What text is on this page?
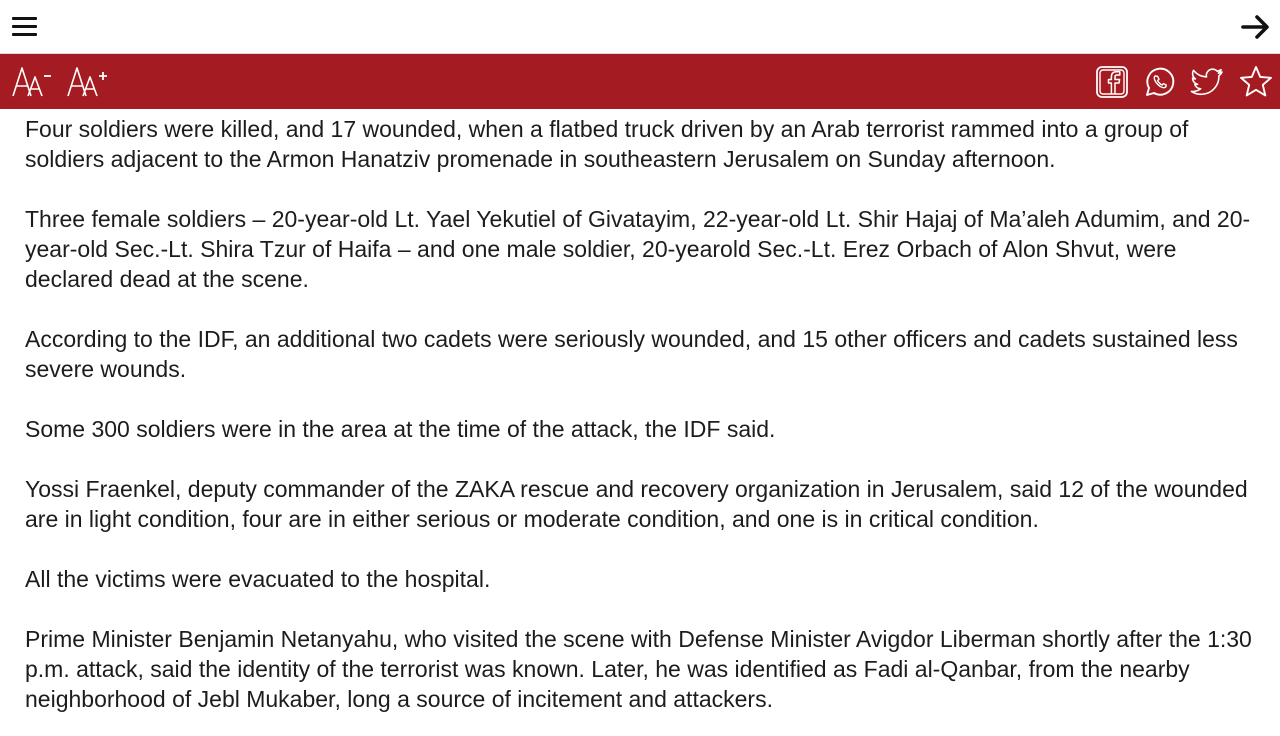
Four soldiers were killed, and 17 wounded, when a flatbed truck driven by an Arab terrorist rammed into a group of soldiers adjacent to the Armon Hanatziv promenade in southeastern Jerusalem on Sunday afternoon.

Three female soldiers – 20-year-old Lt. Yael Yekutiel of Givatayim, 22-year-old Lt. Shir Hajaj of Ma’aleh Adumim, and 20-year-old Sec.-Lt. Shira Tzur of Haifa – and one male soldier, 20-yearold Sec.-Lt. Erez Orbach of Alon Shvut, were declared dead at the scene.

According to the IDF, an additional two cadets were seriously wounded, and 15 other officers and cadets sustained less severe wounds.

Some 300 soldiers were in the area at the time of the attack, the IDF said.

Yossi Fraenkel, deputy commander of the ZAKA rescue and recovery organization in Jerusalem, said 12 of the wounded are in light condition, four are in either serious or moderate condition, and one is in critical condition.

All the victims were evacuated to the hospital.

Prime Minister Benjamin Netanyahu, who visited the scene with Defense Minister Avigdor Liberman shortly after the 1:30 p.m. attack, said the identity of the terrorist was known. Later, he was identified as Fadi al-Qanbar, from the nearby neighborhood of Jebl Mukaber, long a source of incitement and attackers.
